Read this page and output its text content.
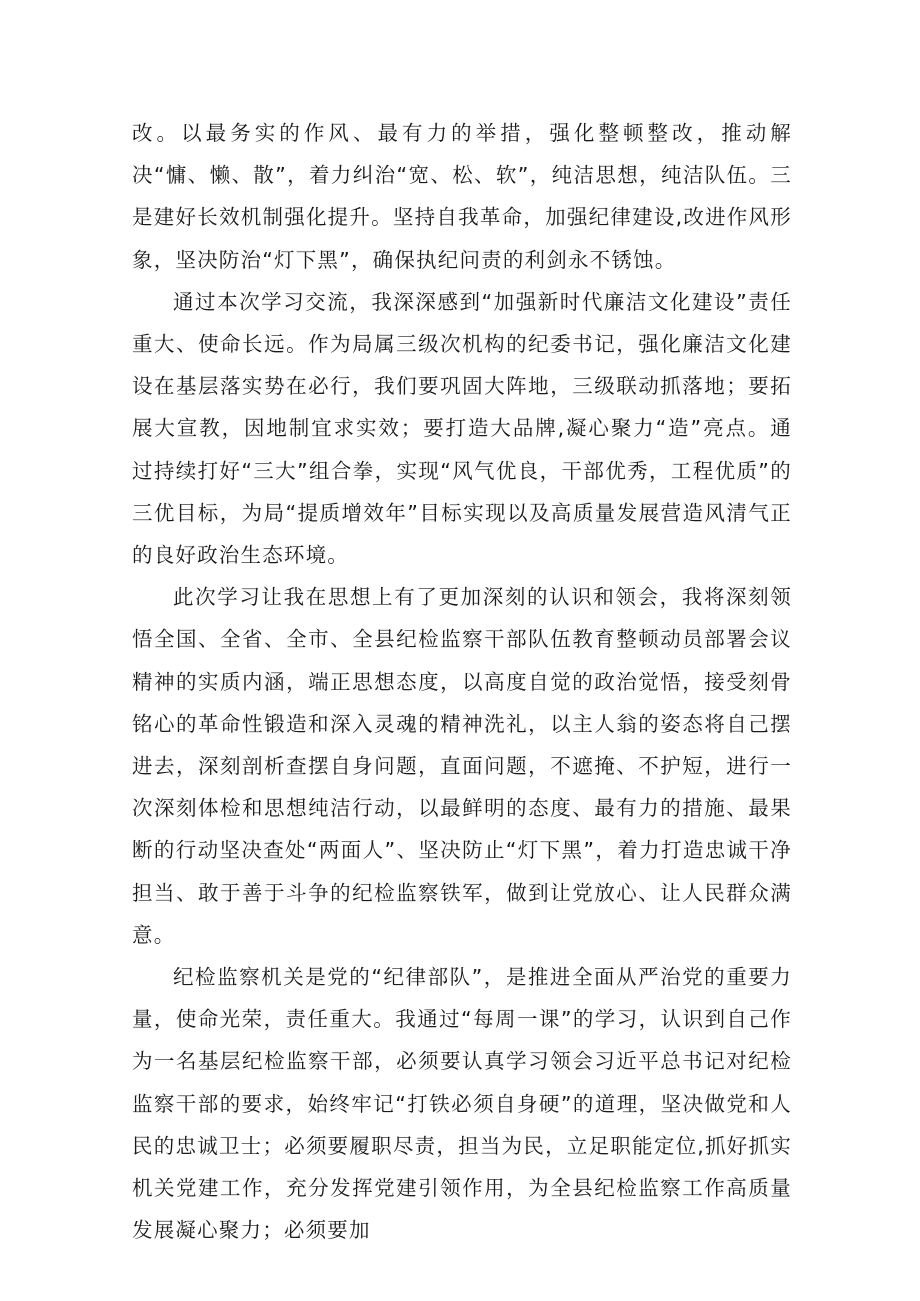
改。以最务实的作风、最有力的举措，强化整顿整改，推动解决“慵、懒、散”，着力纠治“宽、松、软”，纯洁思想，纯洁队伍。三是建好长效机制强化提升。坚持自我革命，加强纪律建设,改进作风形象，坚决防治“灯下黑”，确保执纪问责的利剑永不锈蚀。

通过本次学习交流，我深深感到“加强新时代廉洁文化建设”责任重大、使命长远。作为局属三级次机构的纪委书记，强化廉洁文化建设在基层落实势在必行，我们要巩固大阵地，三级联动抓落地；要拓展大宣教，因地制宜求实效；要打造大品牌,凝心聚力“造”亮点。通过持续打好“三大”组合拳，实现“风气优良，干部优秀，工程优质”的三优目标，为局“提质增效年”目标实现以及高质量发展营造风清气正的良好政治生态环境。

此次学习让我在思想上有了更加深刻的认识和领会，我将深刻领悟全国、全省、全市、全县纪检监察干部队伍教育整顿动员部署会议精神的实质内涵，端正思想态度，以高度自觉的政治觉悟，接受刻骨铭心的革命性锻造和深入灵魂的精神洗礼，以主人翁的姿态将自己摆进去，深刻剖析查摆自身问题，直面问题，不遮掩、不护短，进行一次深刻体检和思想纯洁行动，以最鲜明的态度、最有力的措施、最果断的行动坚决查处“两面人”、坚决防止“灯下黑”，着力打造忠诚干净担当、敢于善于斗争的纪检监察铁军，做到让党放心、让人民群众满意。

纪检监察机关是党的“纪律部队”，是推进全面从严治党的重要力量，使命光荣，责任重大。我通过“每周一课”的学习，认识到自己作为一名基层纪检监察干部，必须要认真学习领会习近平总书记对纪检监察干部的要求，始终牢记“打铁必须自身硬”的道理，坚决做党和人民的忠诚卫士；必须要履职尽责，担当为民，立足职能定位,抓好抓实机关党建工作，充分发挥党建引领作用，为全县纪检监察工作高质量发展凝心聚力；必须要加
